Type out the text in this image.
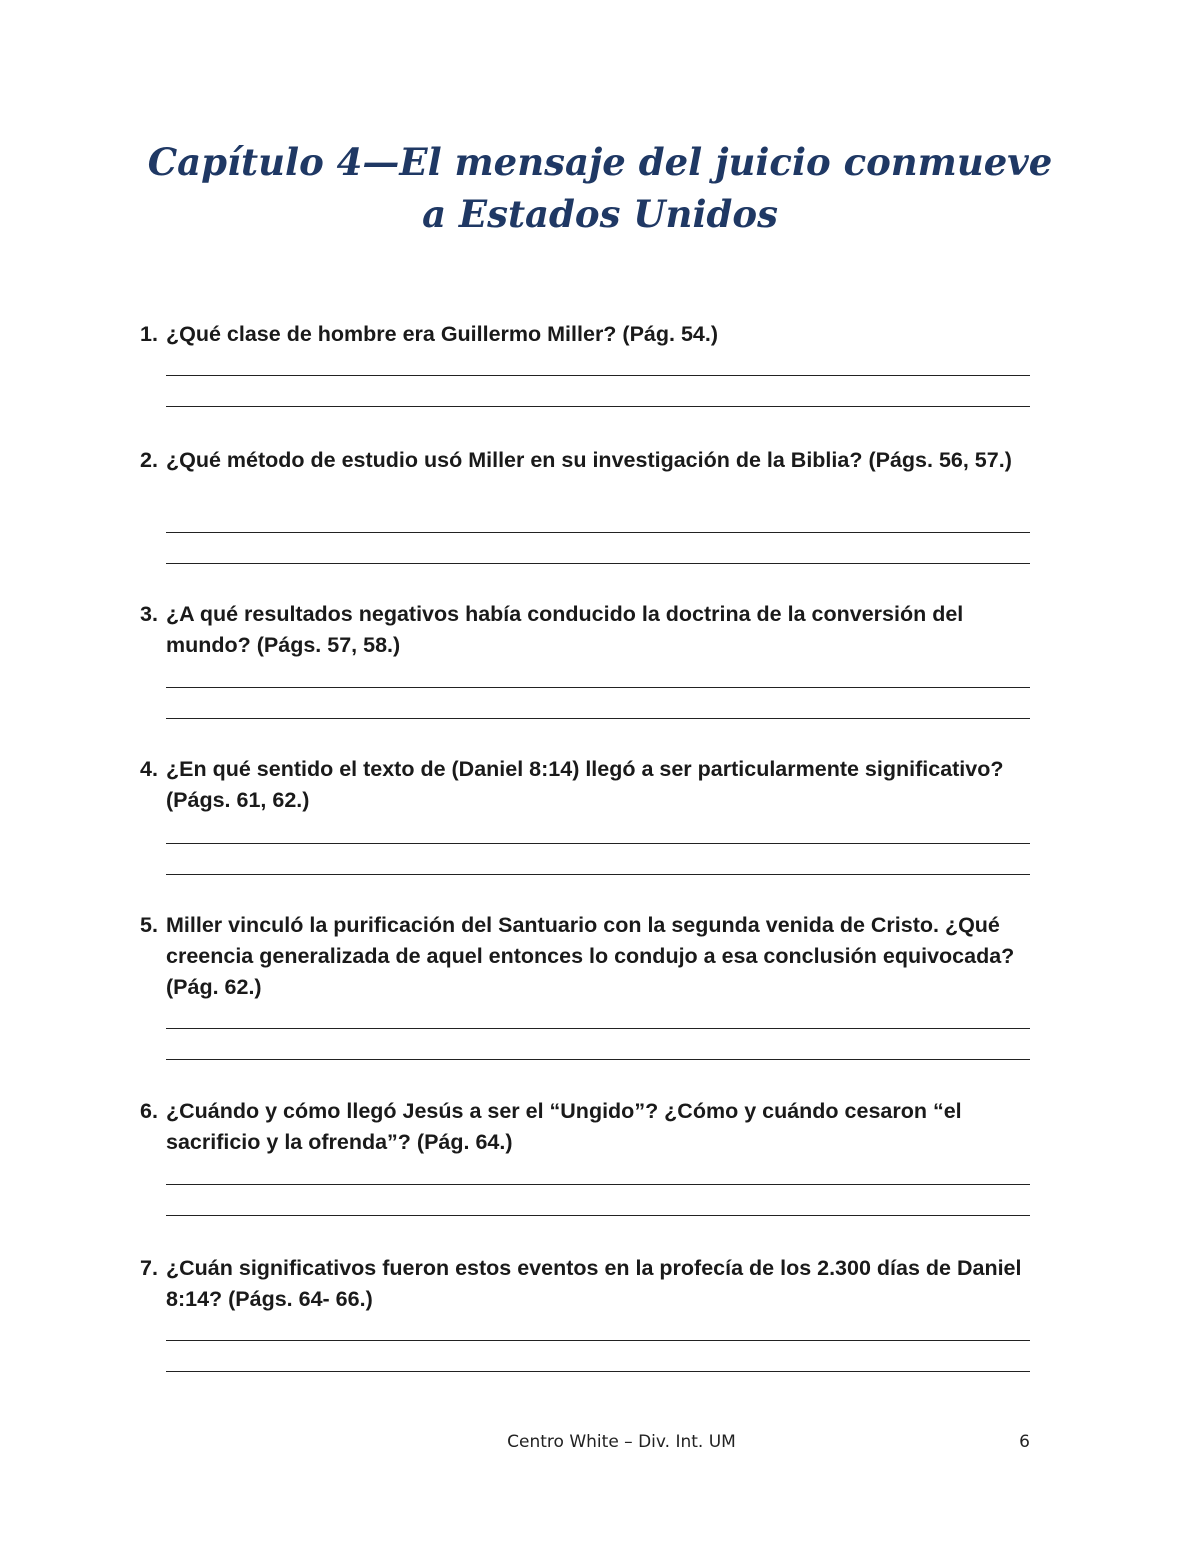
Capítulo 4—El mensaje del juicio conmueve
a Estados Unidos
1. ¿Qué clase de hombre era Guillermo Miller? (Pág. 54.)
2. ¿Qué método de estudio usó Miller en su investigación de la Biblia? (Págs. 56, 57.)
3. ¿A qué resultados negativos había conducido la doctrina de la conversión del mundo? (Págs. 57, 58.)
4. ¿En qué sentido el texto de (Daniel 8:14) llegó a ser particularmente significativo? (Págs. 61, 62.)
5. Miller vinculó la purificación del Santuario con la segunda venida de Cristo. ¿Qué creencia generalizada de aquel entonces lo condujo a esa conclusión equivocada? (Pág. 62.)
6. ¿Cuándo y cómo llegó Jesús a ser el “Ungido”? ¿Cómo y cuándo cesaron “el sacrificio y la ofrenda”? (Pág. 64.)
7. ¿Cuán significativos fueron estos eventos en la profecía de los 2.300 días de Daniel 8:14? (Págs. 64- 66.)
Centro White – Div. Int. UM	6
